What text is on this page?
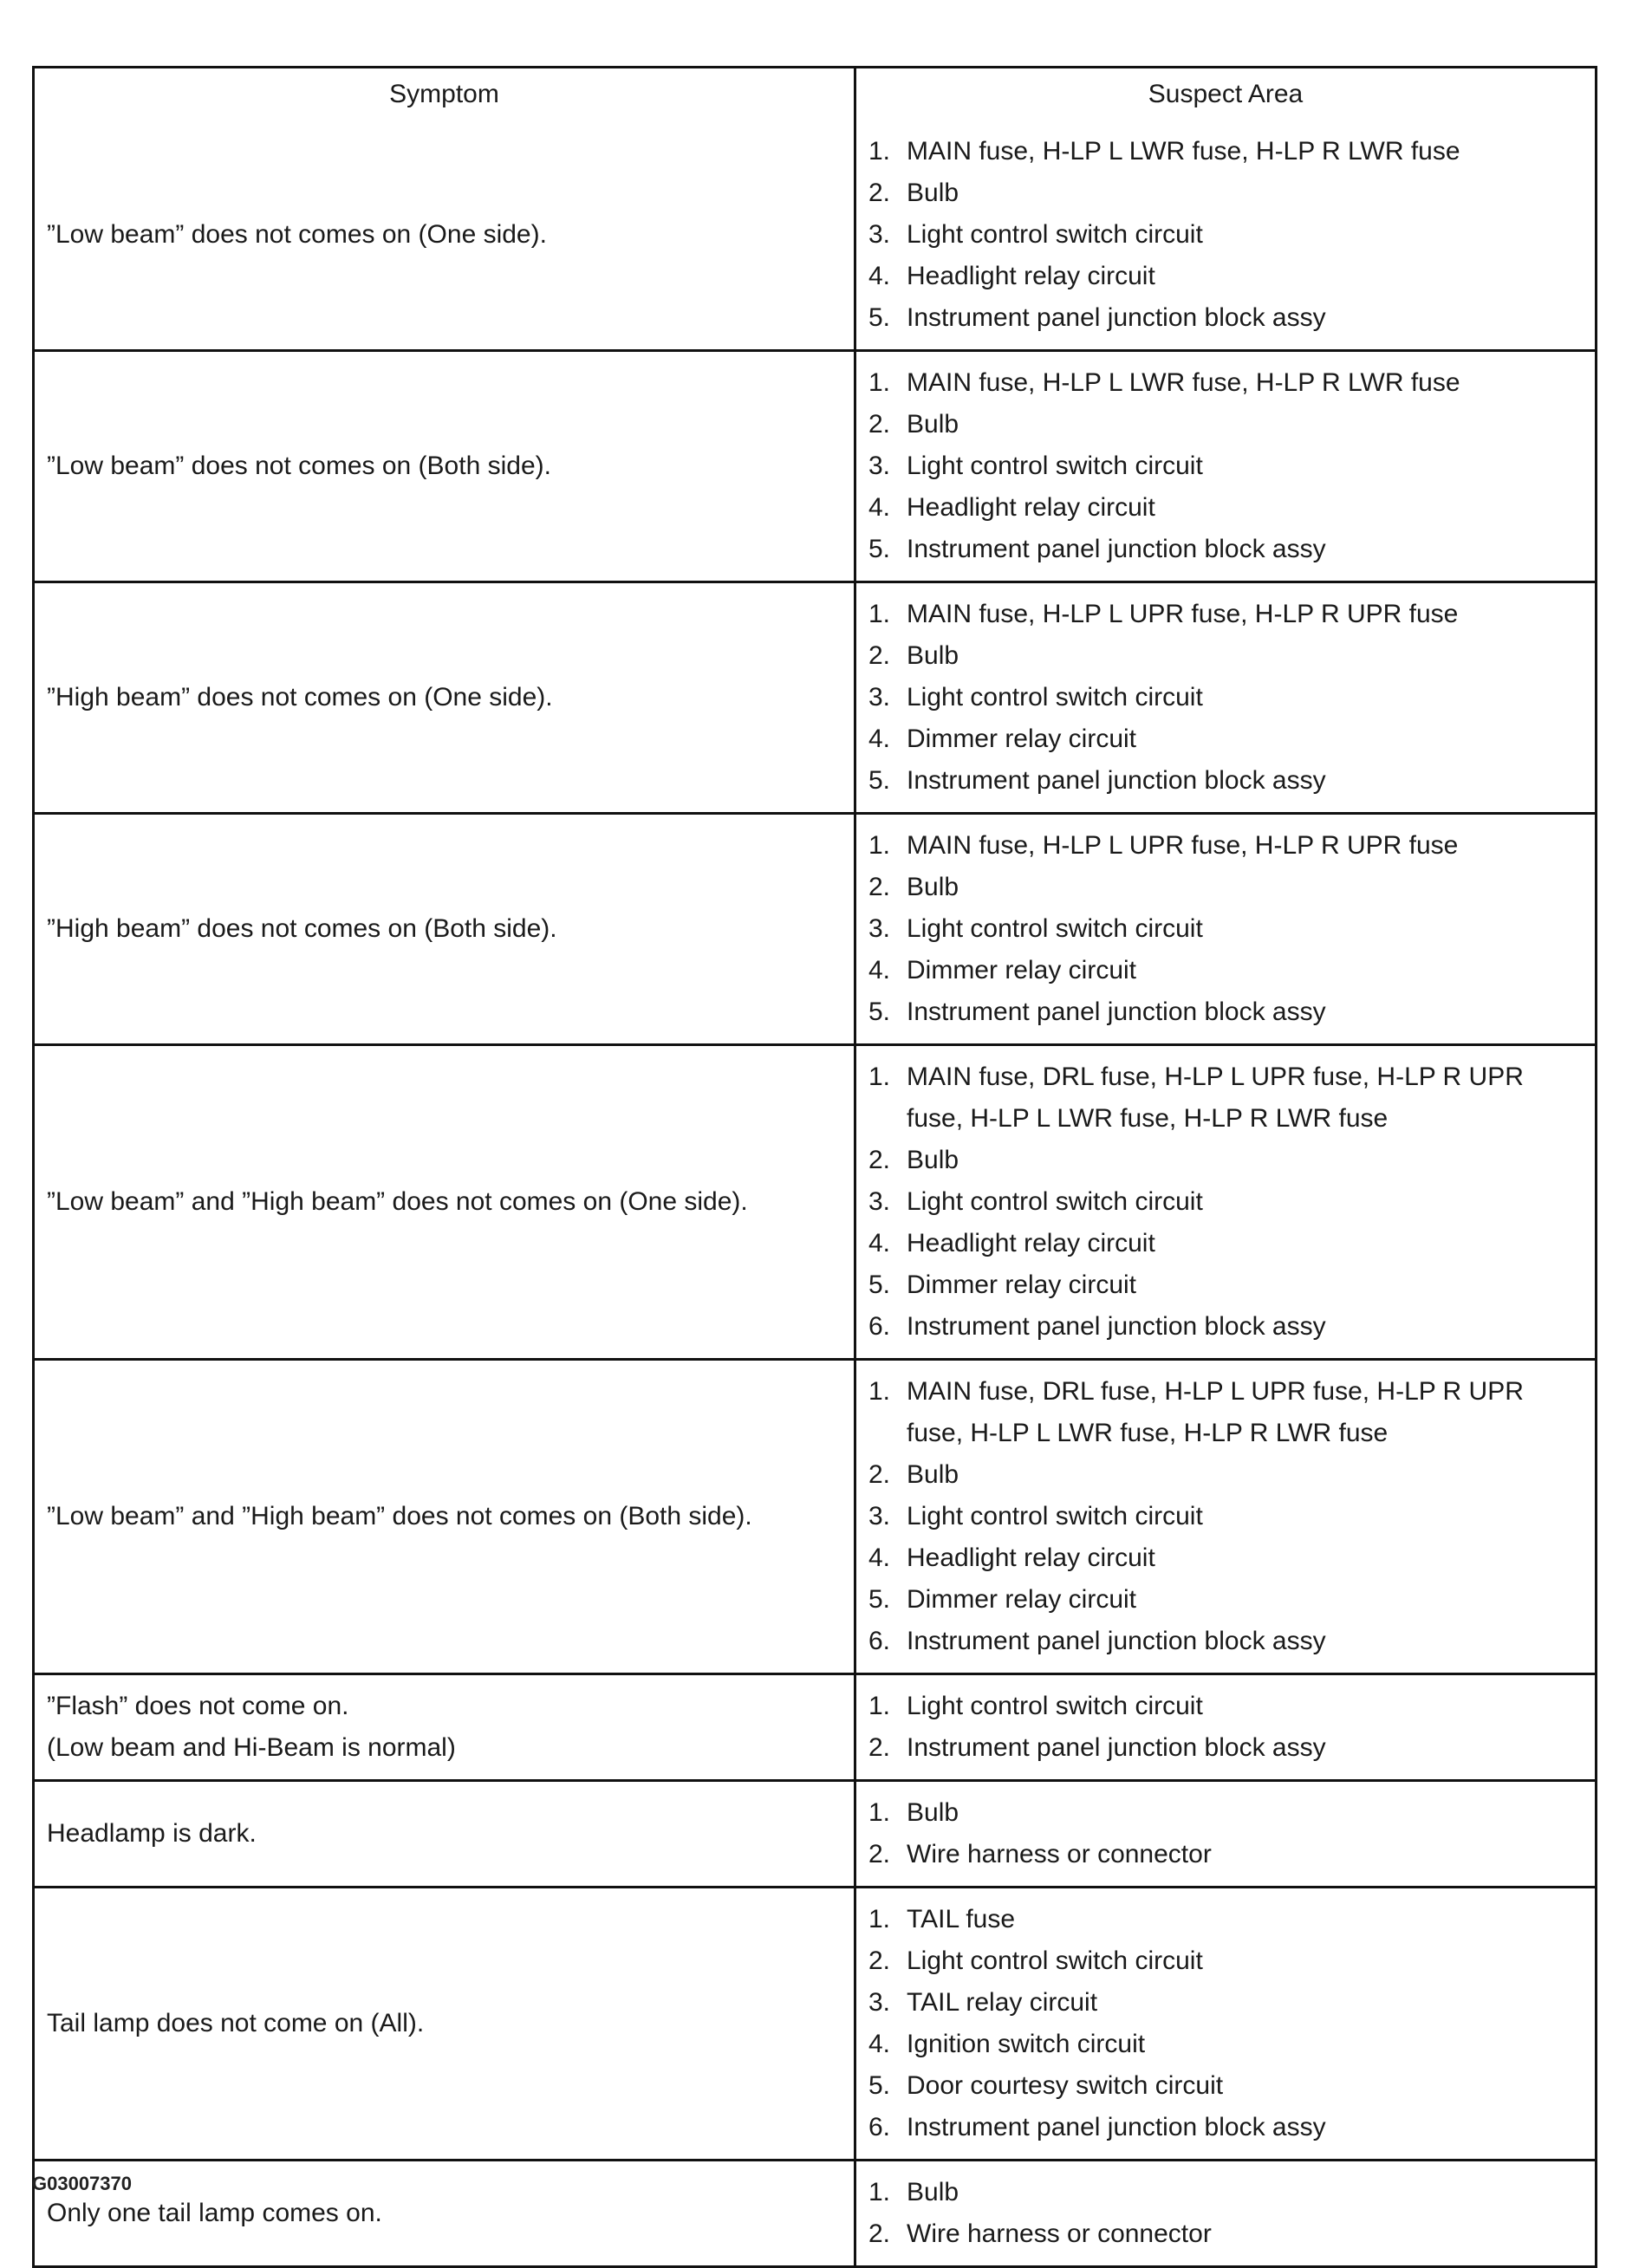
Symptom	Suspect Area
”Low beam” does not comes on (One side).
1. MAIN fuse, H-LP L LWR fuse, H-LP R LWR fuse
2. Bulb
3. Light control switch circuit
4. Headlight relay circuit
5. Instrument panel junction block assy
”Low beam” does not comes on (Both side).
1. MAIN fuse, H-LP L LWR fuse, H-LP R LWR fuse
2. Bulb
3. Light control switch circuit
4. Headlight relay circuit
5. Instrument panel junction block assy
”High beam” does not comes on (One side).
1. MAIN fuse, H-LP L UPR fuse, H-LP R UPR fuse
2. Bulb
3. Light control switch circuit
4. Dimmer relay circuit
5. Instrument panel junction block assy
”High beam” does not comes on (Both side).
1. MAIN fuse, H-LP L UPR fuse, H-LP R UPR fuse
2. Bulb
3. Light control switch circuit
4. Dimmer relay circuit
5. Instrument panel junction block assy
”Low beam” and ”High beam” does not comes on (One side).
1. MAIN fuse, DRL fuse, H-LP L UPR fuse, H-LP R UPR fuse, H-LP L LWR fuse, H-LP R LWR fuse
2. Bulb
3. Light control switch circuit
4. Headlight relay circuit
5. Dimmer relay circuit
6. Instrument panel junction block assy
”Low beam” and ”High beam” does not comes on (Both side).
1. MAIN fuse, DRL fuse, H-LP L UPR fuse, H-LP R UPR fuse, H-LP L LWR fuse, H-LP R LWR fuse
2. Bulb
3. Light control switch circuit
4. Headlight relay circuit
5. Dimmer relay circuit
6. Instrument panel junction block assy
”Flash” does not come on.
(Low beam and Hi-Beam is normal)
1. Light control switch circuit
2. Instrument panel junction block assy
Headlamp is dark.
1. Bulb
2. Wire harness or connector
Tail lamp does not come on (All).
1. TAIL fuse
2. Light control switch circuit
3. TAIL relay circuit
4. Ignition switch circuit
5. Door courtesy switch circuit
6. Instrument panel junction block assy
Only one tail lamp comes on.
1. Bulb
2. Wire harness or connector
G03007370
